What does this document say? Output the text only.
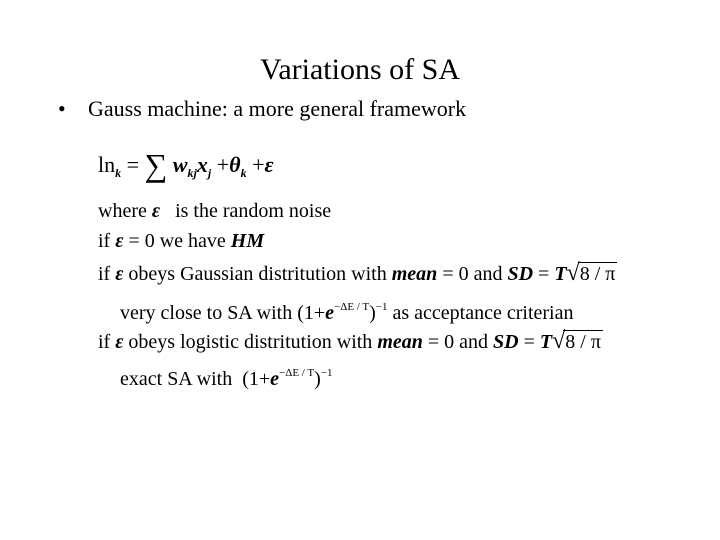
Variations of SA
• Gauss machine: a more general framework
$\ln_k$ = ∑ $w_{kj}x_j +\theta_k +\varepsilon$
where ε is the random noise
if ε = 0 we have HM
if ε obeys Gaussian distritution with mean = 0 and SD = T√8 / π
very close to SA with $(1+e^{-\Delta E / T})^{-1}$ as acceptance criterian
if ε obeys logistic distritution with mean = 0 and SD = T√8 / π
exact SA with $(1+e^{-\Delta E / T})^{-1}$
